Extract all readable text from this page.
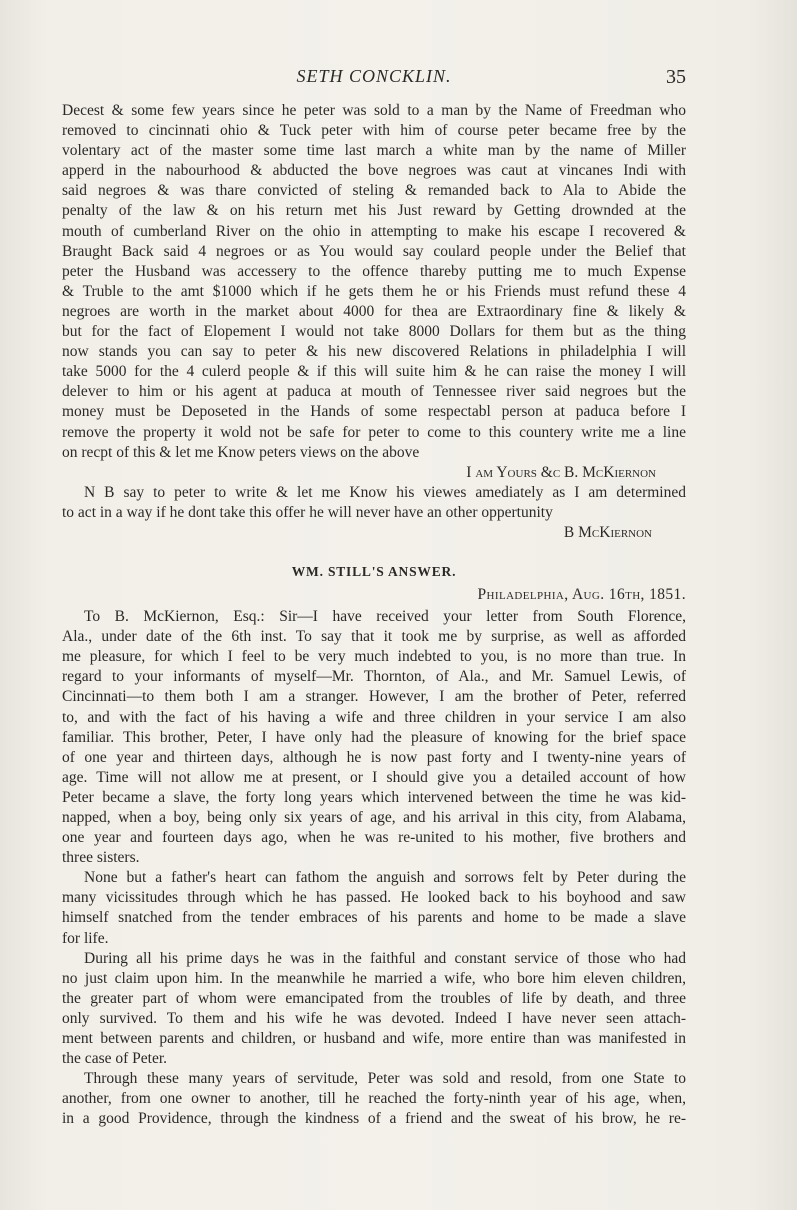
SETH CONCKLIN.	35
Decest & some few years since he peter was sold to a man by the Name of Freedman who
removed to cincinnati ohio & Tuck peter with him of course peter became free by the
volentary act of the master some time last march a white man by the name of Miller
apperd in the nabourhood & abducted the bove negroes was caut at vincanes Indi with
said negroes & was thare convicted of steling & remanded back to Ala to Abide the
penalty of the law & on his return met his Just reward by Getting drownded at the
mouth of cumberland River on the ohio in attempting to make his escape I recovered &
Braught Back said 4 negroes or as You would say coulard people under the Belief that
peter the Husband was accessery to the offence thareby putting me to much Expense
& Truble to the amt $1000 which if he gets them he or his Friends must refund these 4
negroes are worth in the market about 4000 for thea are Extraordinary fine & likely &
but for the fact of Elopement I would not take 8000 Dollars for them but as the thing
now stands you can say to peter & his new discovered Relations in philadelphia I will
take 5000 for the 4 culerd people & if this will suite him & he can raise the money I will
delever to him or his agent at paduca at mouth of Tennessee river said negroes but the
money must be Deposeted in the Hands of some respectabl person at paduca before I
remove the property it wold not be safe for peter to come to this countery write me a line
on recpt of this & let me Know peters views on the above
I am Yours &c B. McKiernon
N B say to peter to write & let me Know his viewes amediately as I am determined
to act in a way if he dont take this offer he will never have an other oppertunity
B McKiernon
WM. STILL'S ANSWER.
Philadelphia, Aug. 16th, 1851.
To B. McKiernon, Esq.: Sir—I have received your letter from South Florence,
Ala., under date of the 6th inst. To say that it took me by surprise, as well as afforded
me pleasure, for which I feel to be very much indebted to you, is no more than true. In
regard to your informants of myself—Mr. Thornton, of Ala., and Mr. Samuel Lewis, of
Cincinnati—to them both I am a stranger. However, I am the brother of Peter, referred
to, and with the fact of his having a wife and three children in your service I am also
familiar. This brother, Peter, I have only had the pleasure of knowing for the brief space
of one year and thirteen days, although he is now past forty and I twenty-nine years of
age. Time will not allow me at present, or I should give you a detailed account of how
Peter became a slave, the forty long years which intervened between the time he was kid-
napped, when a boy, being only six years of age, and his arrival in this city, from Alabama,
one year and fourteen days ago, when he was re-united to his mother, five brothers and
three sisters.
None but a father's heart can fathom the anguish and sorrows felt by Peter during the
many vicissitudes through which he has passed. He looked back to his boyhood and saw
himself snatched from the tender embraces of his parents and home to be made a slave
for life.
During all his prime days he was in the faithful and constant service of those who had
no just claim upon him. In the meanwhile he married a wife, who bore him eleven children,
the greater part of whom were emancipated from the troubles of life by death, and three
only survived. To them and his wife he was devoted. Indeed I have never seen attach-
ment between parents and children, or husband and wife, more entire than was manifested in
the case of Peter.
Through these many years of servitude, Peter was sold and resold, from one State to
another, from one owner to another, till he reached the forty-ninth year of his age, when,
in a good Providence, through the kindness of a friend and the sweat of his brow, he re-
